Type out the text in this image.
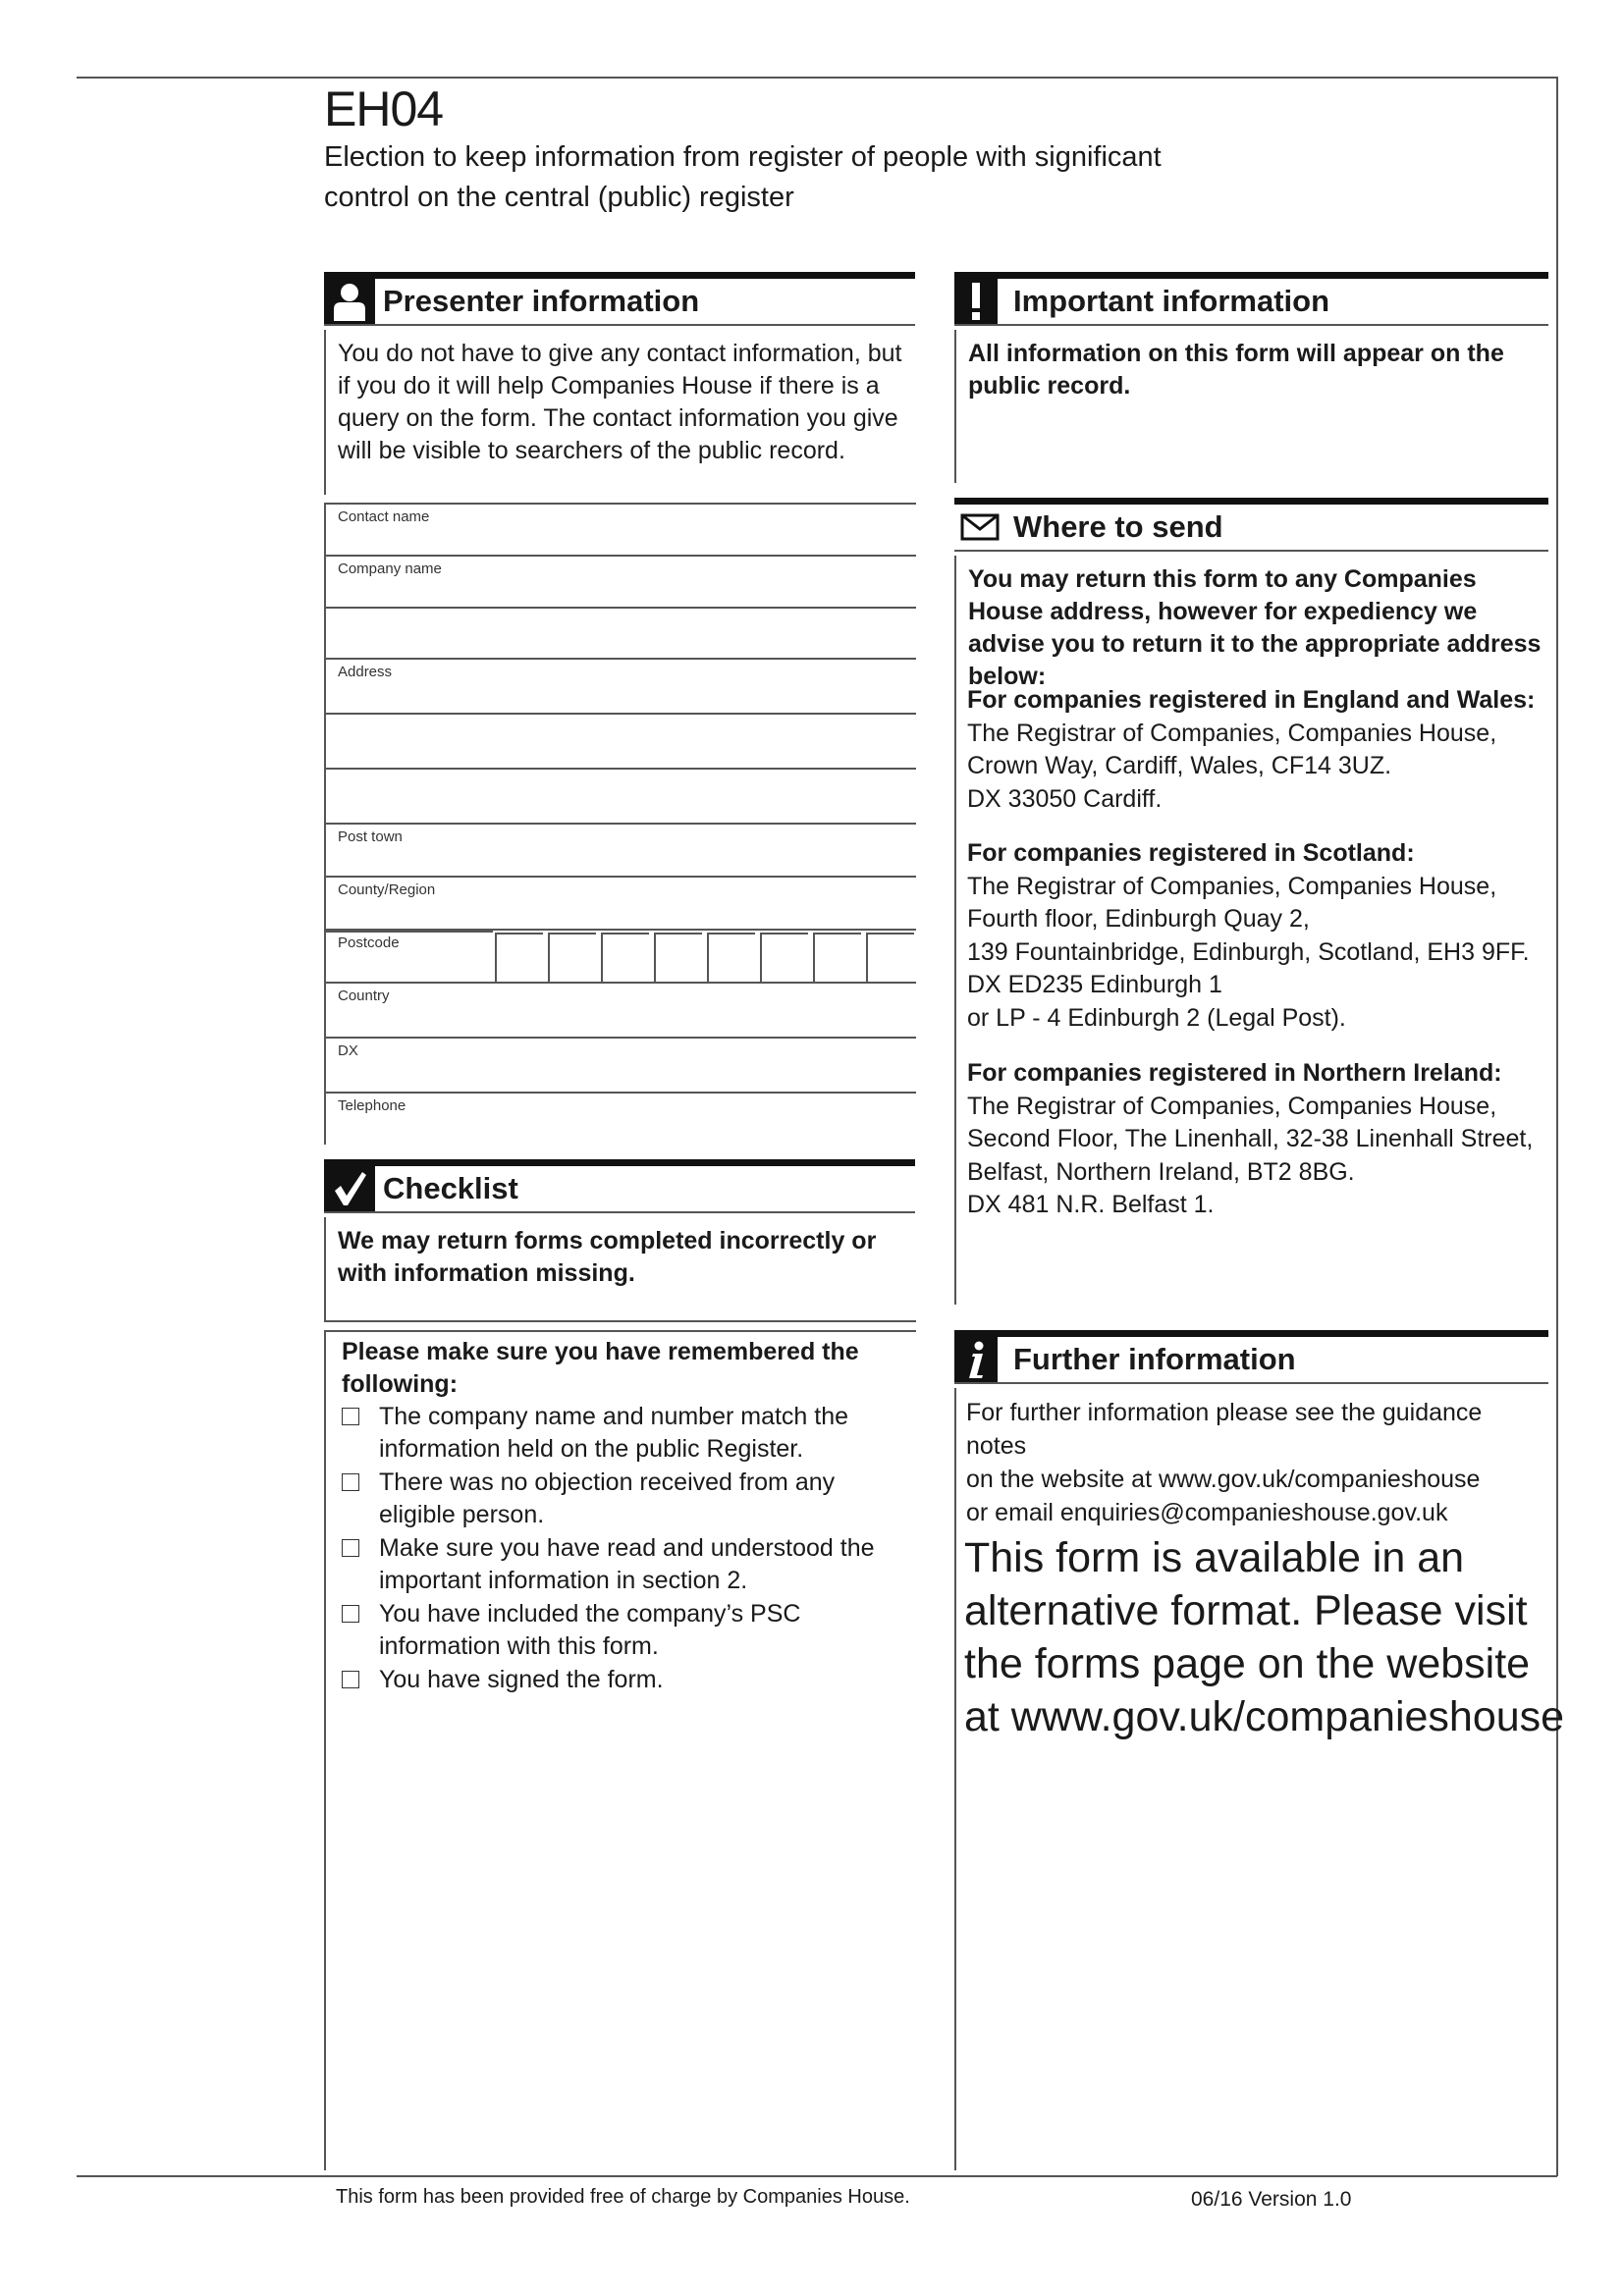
EH04
Election to keep information from register of people with significant control on the central (public) register
Presenter information
You do not have to give any contact information, but if you do it will help Companies House if there is a query on the form. The contact information you give will be visible to searchers of the public record.
Contact name
Company name
Address
Post town
County/Region
Postcode
Country
DX
Telephone
Checklist
We may return forms completed incorrectly or with information missing.
Please make sure you have remembered the following:
The company name and number match the information held on the public Register.
There was no objection received from any eligible person.
Make sure you have read and understood the important information in section 2.
You have included the company’s PSC information with this form.
You have signed the form.
Important information
All information on this form will appear on the public record.
Where to send
You may return this form to any Companies House address, however for expediency we advise you to return it to the appropriate address below:
For companies registered in England and Wales:
The Registrar of Companies, Companies House,
Crown Way, Cardiff, Wales, CF14 3UZ.
DX 33050 Cardiff.
For companies registered in Scotland:
The Registrar of Companies, Companies House,
Fourth floor, Edinburgh Quay 2,
139 Fountainbridge, Edinburgh, Scotland, EH3 9FF.
DX ED235 Edinburgh 1
or LP - 4 Edinburgh 2 (Legal Post).
For companies registered in Northern Ireland:
The Registrar of Companies, Companies House,
Second Floor, The Linenhall, 32-38 Linenhall Street,
Belfast, Northern Ireland, BT2 8BG.
DX 481 N.R. Belfast 1.
Further information
For further information please see the guidance notes
on the website at www.gov.uk/companieshouse
or email enquiries@companieshouse.gov.uk
This form is available in an alternative format. Please visit the forms page on the website at www.gov.uk/companieshouse
This form has been provided free of charge by Companies House.	06/16 Version 1.0
